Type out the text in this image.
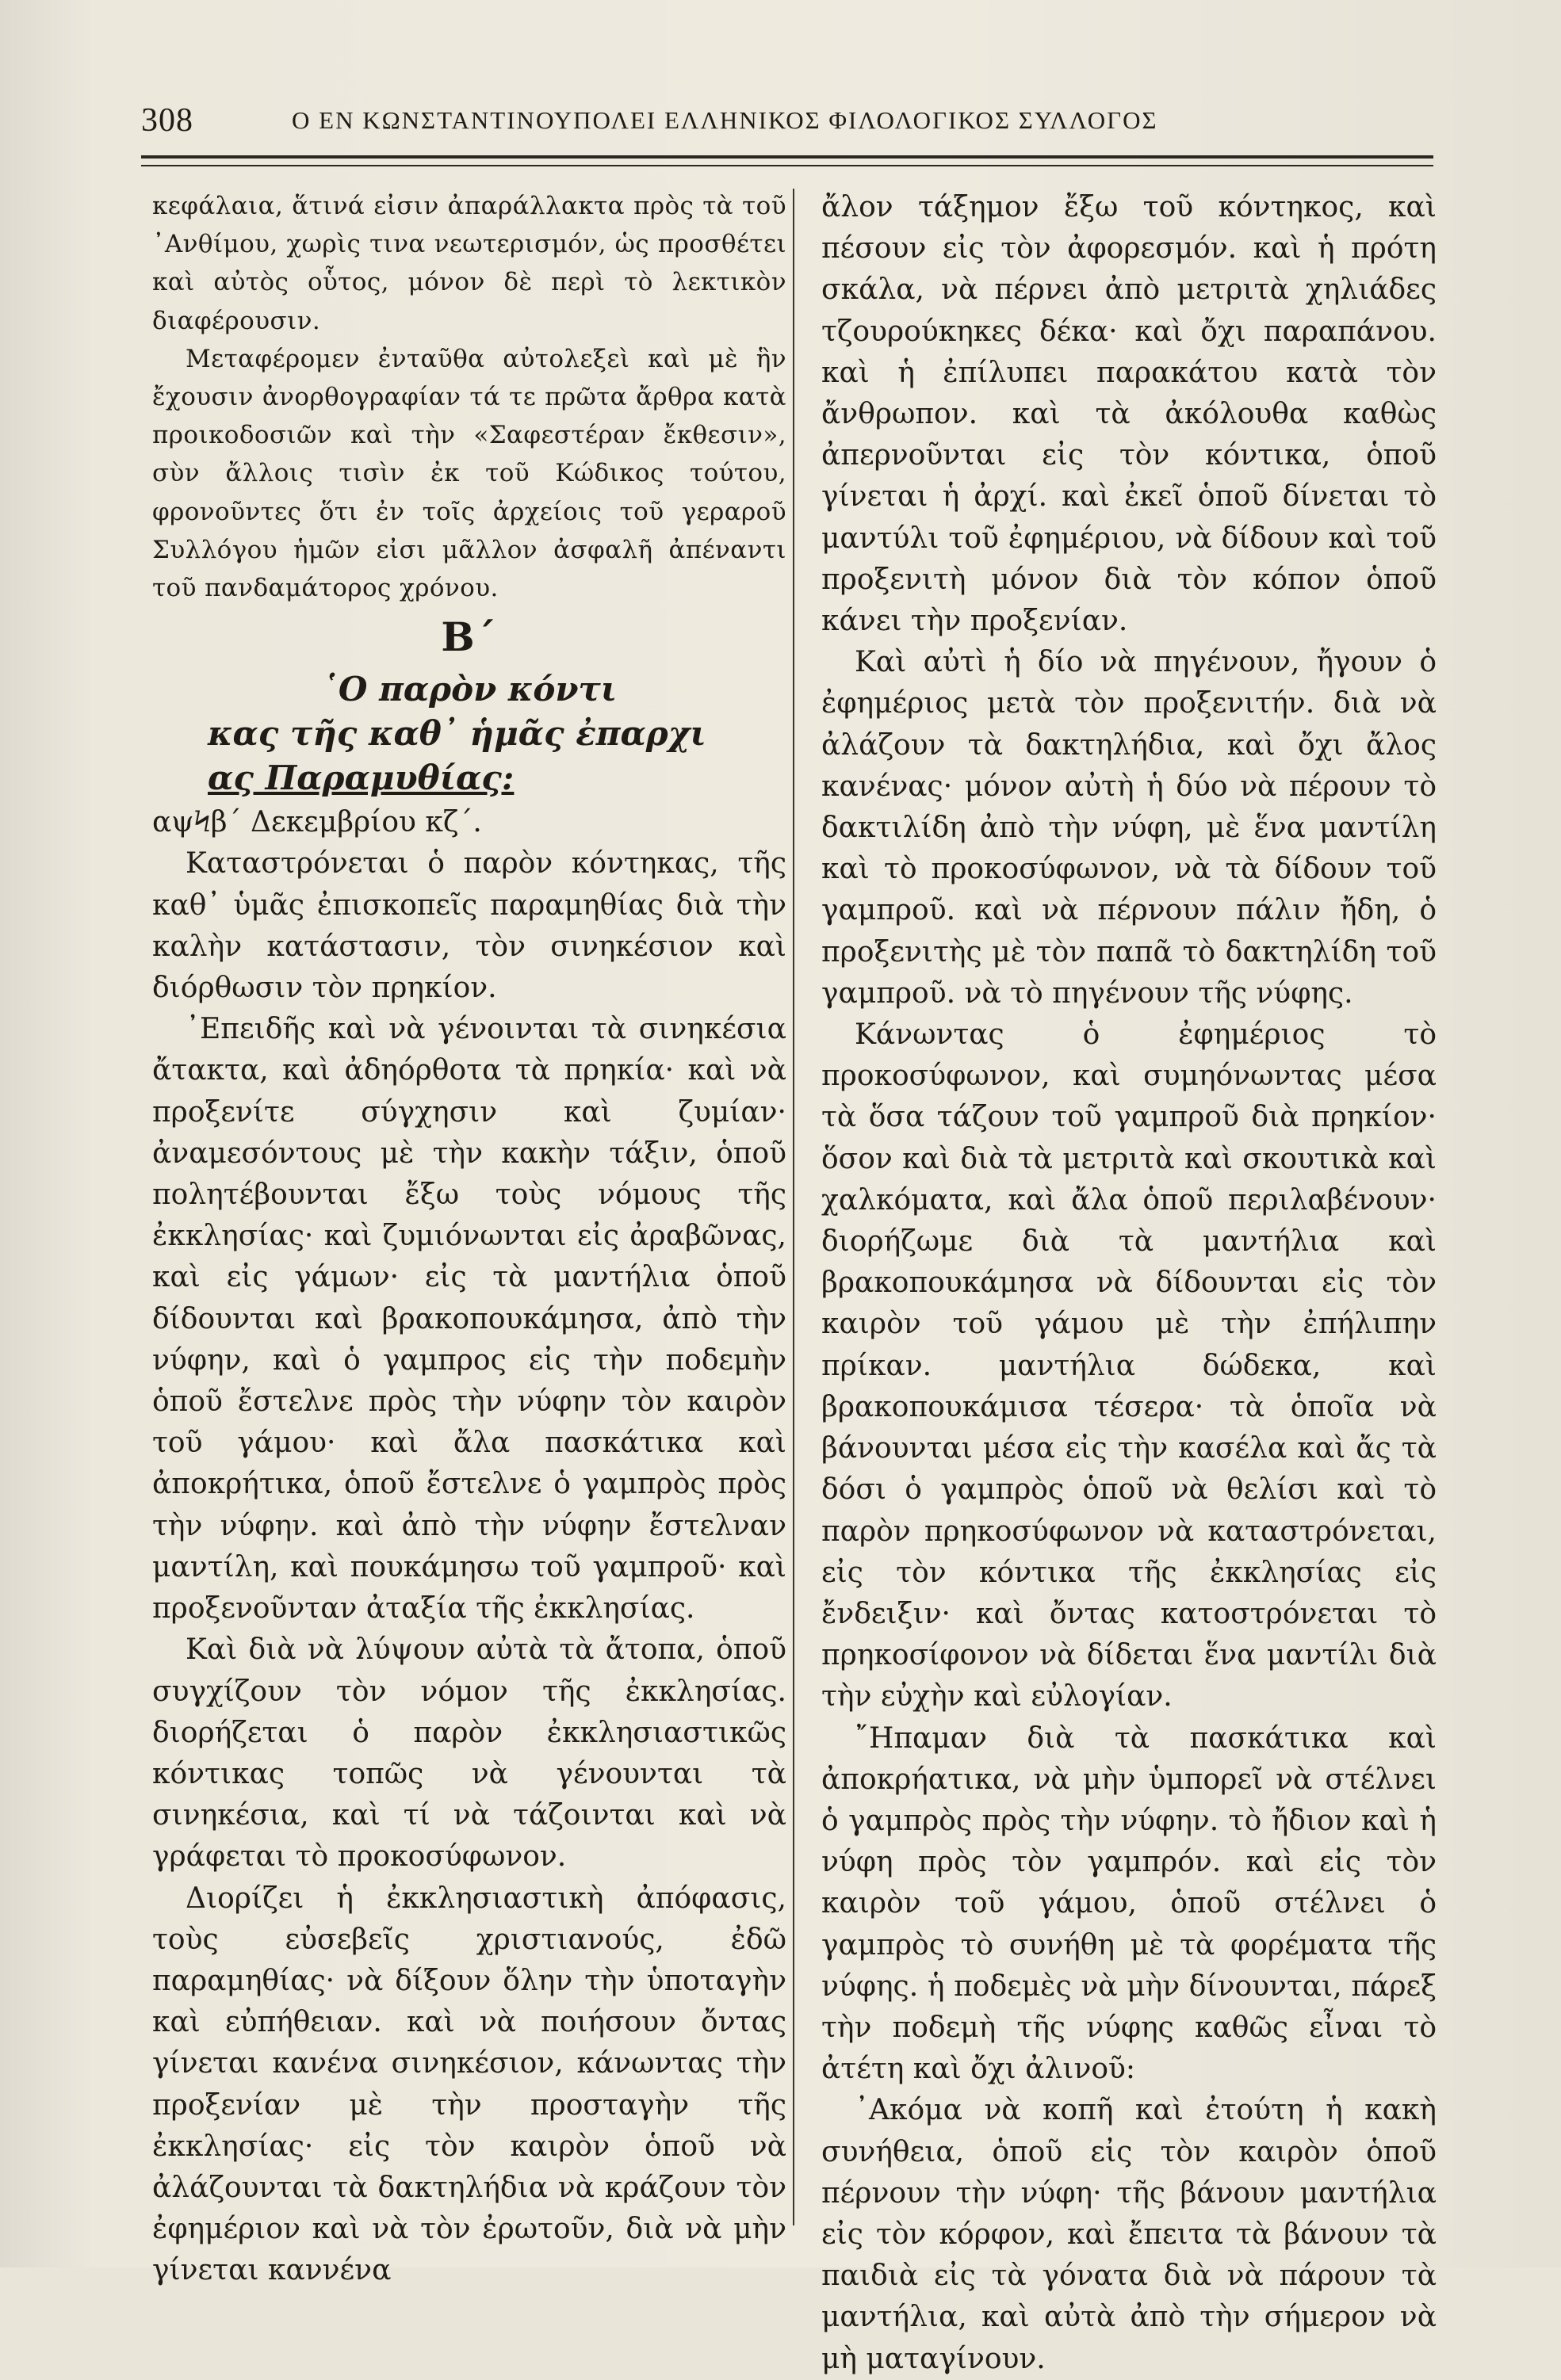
308	Ο ΕΝ ΚΩΝΣΤΑΝΤΙΝΟΥΠΟΛΕΙ ΕΛΛΗΝΙΚΟΣ ΦΙΛΟΛΟΓΙΚΟΣ ΣΥΛΛΟΓΟΣ

κεφάλαια, ἅτινά εἰσιν ἀπαράλλακτα πρὸς τὰ τοῦ ᾿Ανθίμου, χωρὶς τινα νεωτερισμόν, ὡς προσθέτει καὶ αὐτὸς οὗτος, μόνον δὲ περὶ τὸ λεκτικὸν διαφέρουσιν.

Μεταφέρομεν ἐνταῦθα αὐτολεξεὶ καὶ μὲ ἣν ἔχουσιν ἀνορθογραφίαν τά τε πρῶτα ἄρθρα κατὰ προικοδοσιῶν καὶ τὴν «Σαφεστέραν ἔκθεσιν», σὺν ἄλλοις τισὶν ἐκ τοῦ Κώδικος τούτου, φρονοῦντες ὅτι ἐν τοῖς ἀρχείοις τοῦ γεραροῦ Συλλόγου ἡμῶν εἰσι μᾶλλον ἀσφαλῆ ἀπέναντι τοῦ πανδαμάτορος χρόνου.

Β΄
῾Ο παρὸν κόντι
κας τῆς καθ᾽ ἡμᾶς ἐπαρχι
ας Παραμυθίας:

αψϞβ΄ Δεκεμβρίου κζ΄.

Καταστρόνεται ὁ παρὸν κόντηκας, τῆς καθ᾽ ὑμᾶς ἐπισκοπεῖς παραμηθίας διὰ τὴν καλὴν κατάστασιν, τὸν σινηκέσιον καὶ διόρθωσιν τὸν πρηκίον.

᾽Επειδῆς καὶ νὰ γένοινται τὰ σινηκέσια ἄτακτα, καὶ ἀδηόρθοτα τὰ πρηκία· καὶ νὰ προξενίτε σύγχησιν καὶ ζυμίαν· ἀναμεσόντους μὲ τὴν κακὴν τάξιν, ὁποῦ πολητέβουνται ἔξω τοὺς νόμους τῆς ἐκκλησίας· καὶ ζυμιόνωνται εἰς ἀραβῶνας, καὶ εἰς γάμων· εἰς τὰ μαντήλια ὁποῦ δίδουνται καὶ βρακοπουκάμησα, ἀπὸ τὴν νύφην, καὶ ὁ γαμπρος εἰς τὴν ποδεμὴν ὁποῦ ἔστελνε πρὸς τὴν νύφην τὸν καιρὸν τοῦ γάμου· καὶ ἄλα πασκάτικα καὶ ἀποκρήτικα, ὁποῦ ἔστελνε ὁ γαμπρὸς πρὸς τὴν νύφην. καὶ ἀπὸ τὴν νύφην ἔστελναν μαντίλη, καὶ πουκάμησω τοῦ γαμπροῦ· καὶ προξενοῦνταν ἀταξία τῆς ἐκκλησίας.

Καὶ διὰ νὰ λύψουν αὐτὰ τὰ ἄτοπα, ὁποῦ συγχίζουν τὸν νόμον τῆς ἐκκλησίας. διορήζεται ὁ παρὸν ἐκκλησιαστικῶς κόντικας τοπῶς νὰ γένουνται τὰ σινηκέσια, καὶ τί νὰ τάζοινται καὶ νὰ γράφεται τὸ προκοσύφωνον.

Διορίζει ἡ ἐκκλησιαστικὴ ἀπόφασις, τοὺς εὐσεβεῖς χριστιανούς, ἐδῶ παραμηθίας· νὰ δίξουν ὅλην τὴν ὑποταγὴν καὶ εὐπήθειαν. καὶ νὰ ποιήσουν ὄντας γίνεται κανένα σινηκέσιον, κάνωντας τὴν προξενίαν μὲ τὴν προσταγὴν τῆς ἐκκλησίας· εἰς τὸν καιρὸν ὁποῦ νὰ ἀλάζουνται τὰ δακτηλήδια νὰ κράζουν τὸν ἐφημέριον καὶ νὰ τὸν ἐρωτοῦν, διὰ νὰ μὴν γίνεται καννένα

ἄλον τάξημον ἔξω τοῦ κόντηκος, καὶ πέσουν εἰς τὸν ἀφορεσμόν. καὶ ἡ πρότη σκάλα, νὰ πέρνει ἀπὸ μετριτὰ χηλιάδες τζουρούκηκες δέκα· καὶ ὄχι παραπάνου. καὶ ἡ ἐπίλυπει παρακάτου κατὰ τὸν ἄνθρωπον. καὶ τὰ ἀκόλουθα καθὼς ἀπερνοῦνται εἰς τὸν κόντικα, ὁποῦ γίνεται ἡ ἀρχί. καὶ ἐκεῖ ὁποῦ δίνεται τὸ μαντύλι τοῦ ἐφημέριου, νὰ δίδουν καὶ τοῦ προξενιτὴ μόνον διὰ τὸν κόπον ὁποῦ κάνει τὴν προξενίαν.

Καὶ αὐτὶ ἡ δίο νὰ πηγένουν, ἤγουν ὁ ἐφημέριος μετὰ τὸν προξενιτήν. διὰ νὰ ἀλάζουν τὰ δακτηλήδια, καὶ ὄχι ἄλος κανένας· μόνον αὐτὴ ἡ δύο νὰ πέρουν τὸ δακτιλίδη ἀπὸ τὴν νύφη, μὲ ἕνα μαντίλη καὶ τὸ προκοσύφωνον, νὰ τὰ δίδουν τοῦ γαμπροῦ. καὶ νὰ πέρνουν πάλιν ἤδη, ὁ προξενιτὴς μὲ τὸν παπᾶ τὸ δακτηλίδη τοῦ γαμπροῦ. νὰ τὸ πηγένουν τῆς νύφης.

Κάνωντας ὁ ἐφημέριος τὸ προκοσύφωνον, καὶ συμηόνωντας μέσα τὰ ὅσα τάζουν τοῦ γαμπροῦ διὰ πρηκίον· ὅσον καὶ διὰ τὰ μετριτὰ καὶ σκουτικὰ καὶ χαλκόματα, καὶ ἄλα ὁποῦ περιλαβένουν· διορήζωμε διὰ τὰ μαντήλια καὶ βρακοπουκάμησα νὰ δίδουνται εἰς τὸν καιρὸν τοῦ γάμου μὲ τὴν ἐπήλιπην πρίκαν. μαντήλια δώδεκα, καὶ βρακοπουκάμισα τέσερα· τὰ ὁποῖα νὰ βάνουνται μέσα εἰς τὴν κασέλα καὶ ἄς τὰ δόσι ὁ γαμπρὸς ὁποῦ νὰ θελίσι καὶ τὸ παρὸν πρηκοσύφωνον νὰ καταστρόνεται, εἰς τὸν κόντικα τῆς ἐκκλησίας εἰς ἔνδειξιν· καὶ ὄντας κατοστρόνεται τὸ πρηκοσίφονον νὰ δίδεται ἕνα μαντίλι διὰ τὴν εὐχὴν καὶ εὐλογίαν.

῎Ηπαμαν διὰ τὰ πασκάτικα καὶ ἀποκρήατικα, νὰ μὴν ὑμπορεῖ νὰ στέλνει ὁ γαμπρὸς πρὸς τὴν νύφην. τὸ ἤδιον καὶ ἡ νύφη πρὸς τὸν γαμπρόν. καὶ εἰς τὸν καιρὸν τοῦ γάμου, ὁποῦ στέλνει ὁ γαμπρὸς τὸ συνήθη μὲ τὰ φορέματα τῆς νύφης. ἡ ποδεμὲς νὰ μὴν δίνουνται, πάρεξ τὴν ποδεμὴ τῆς νύφης καθῶς εἶναι τὸ ἀτέτη καὶ ὄχι ἀλινοῦ:

᾽Ακόμα νὰ κοπῆ καὶ ἐτούτη ἡ κακὴ συνήθεια, ὁποῦ εἰς τὸν καιρὸν ὁποῦ πέρνουν τὴν νύφη· τῆς βάνουν μαντήλια εἰς τὸν κόρφον, καὶ ἔπειτα τὰ βάνουν τὰ παιδιὰ εἰς τὰ γόνατα διὰ νὰ πάρουν τὰ μαντήλια, καὶ αὐτὰ ἀπὸ τὴν σήμερον νὰ μὴ ματαγίνουν.
